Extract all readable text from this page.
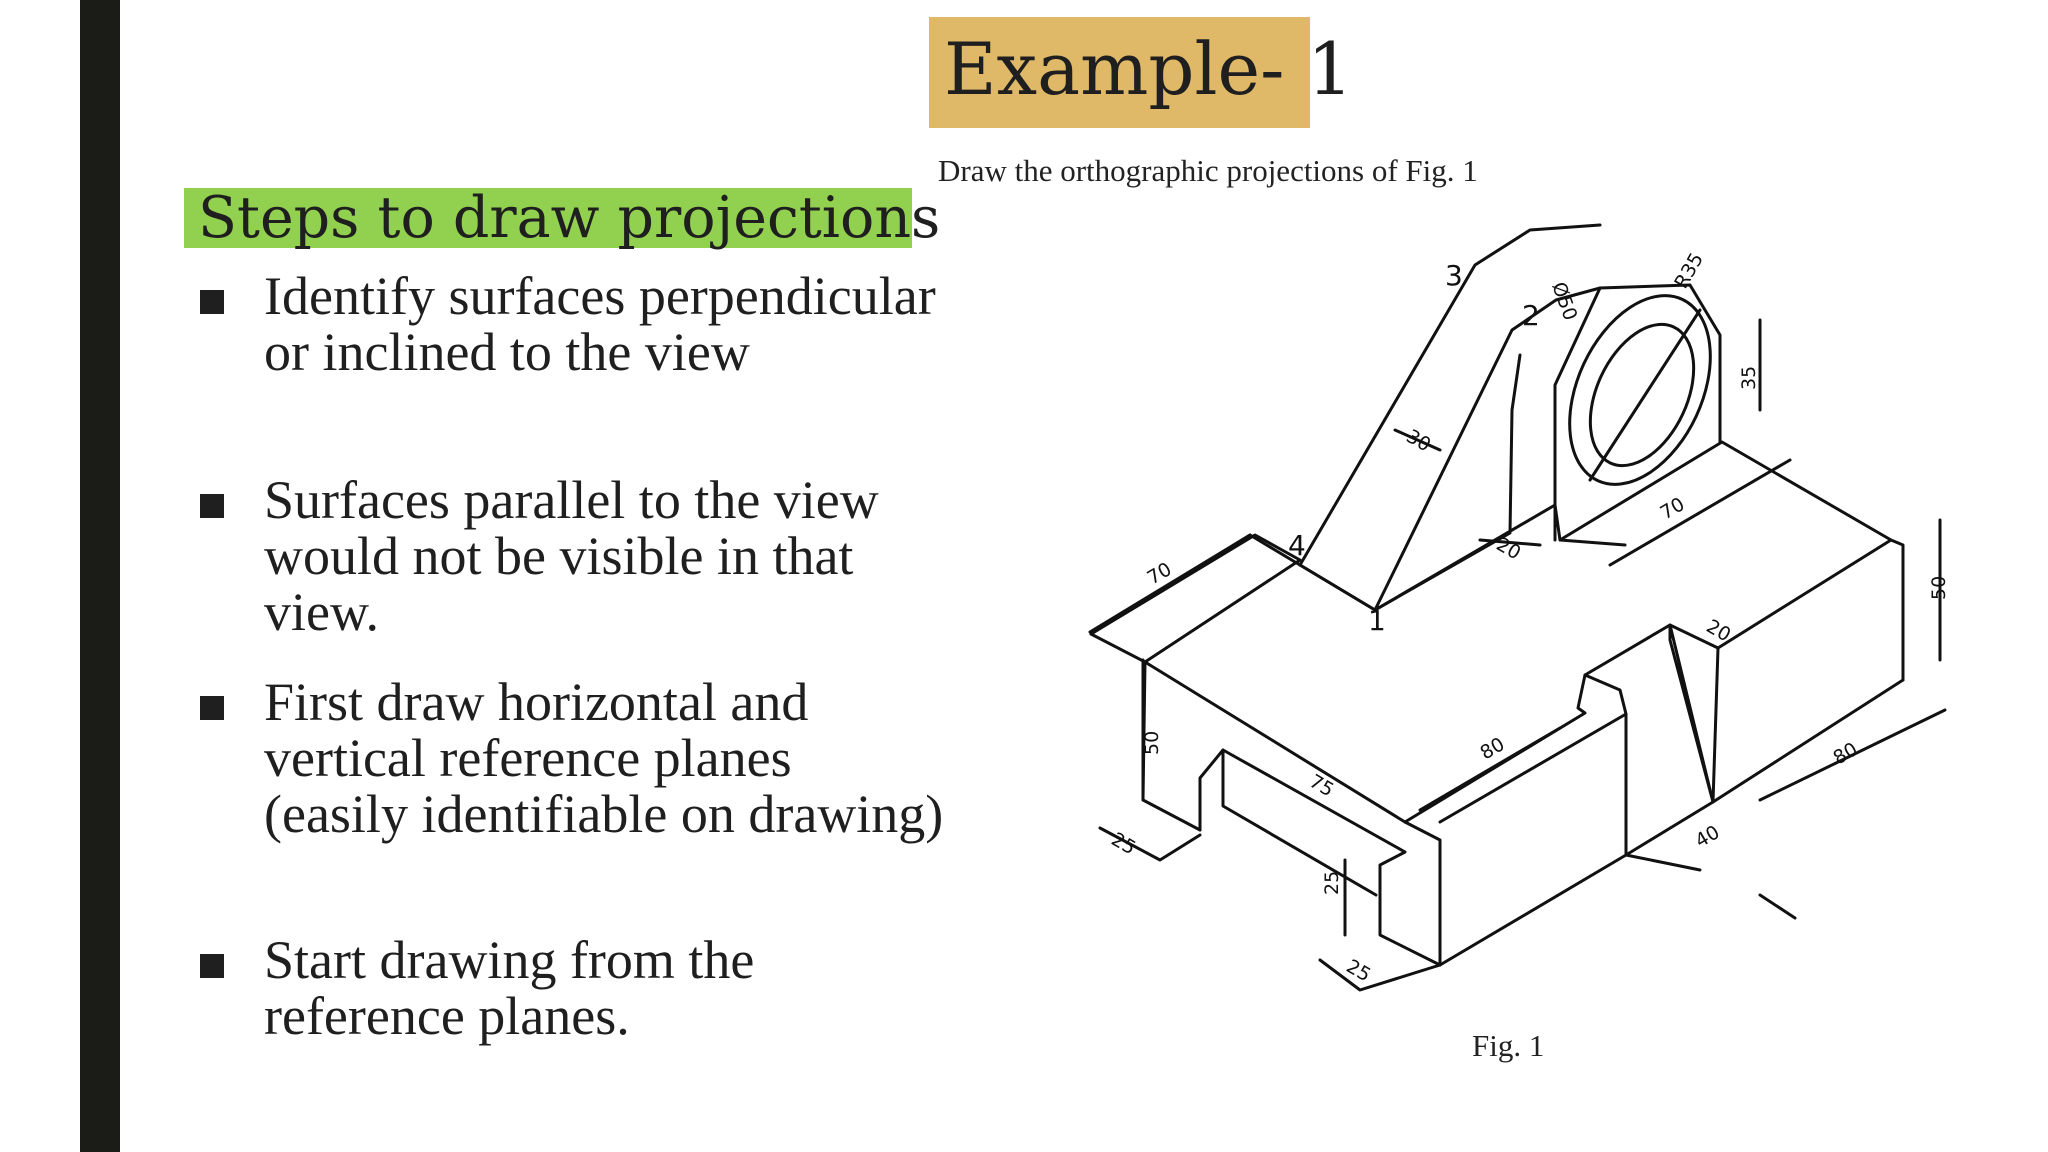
Example- 1
Steps to draw projections
Identify surfaces perpendicular or inclined to the view
Surfaces parallel to the view would not be visible in that view.
First draw horizontal and vertical reference planes (easily identifiable on drawing)
Start drawing from the reference planes.
Draw the orthographic projections of Fig. 1
1
2
3
4
50
25
70
30
Ø50
R35
35
20
70
50
20
80
80
75
40
25
25
Fig. 1
